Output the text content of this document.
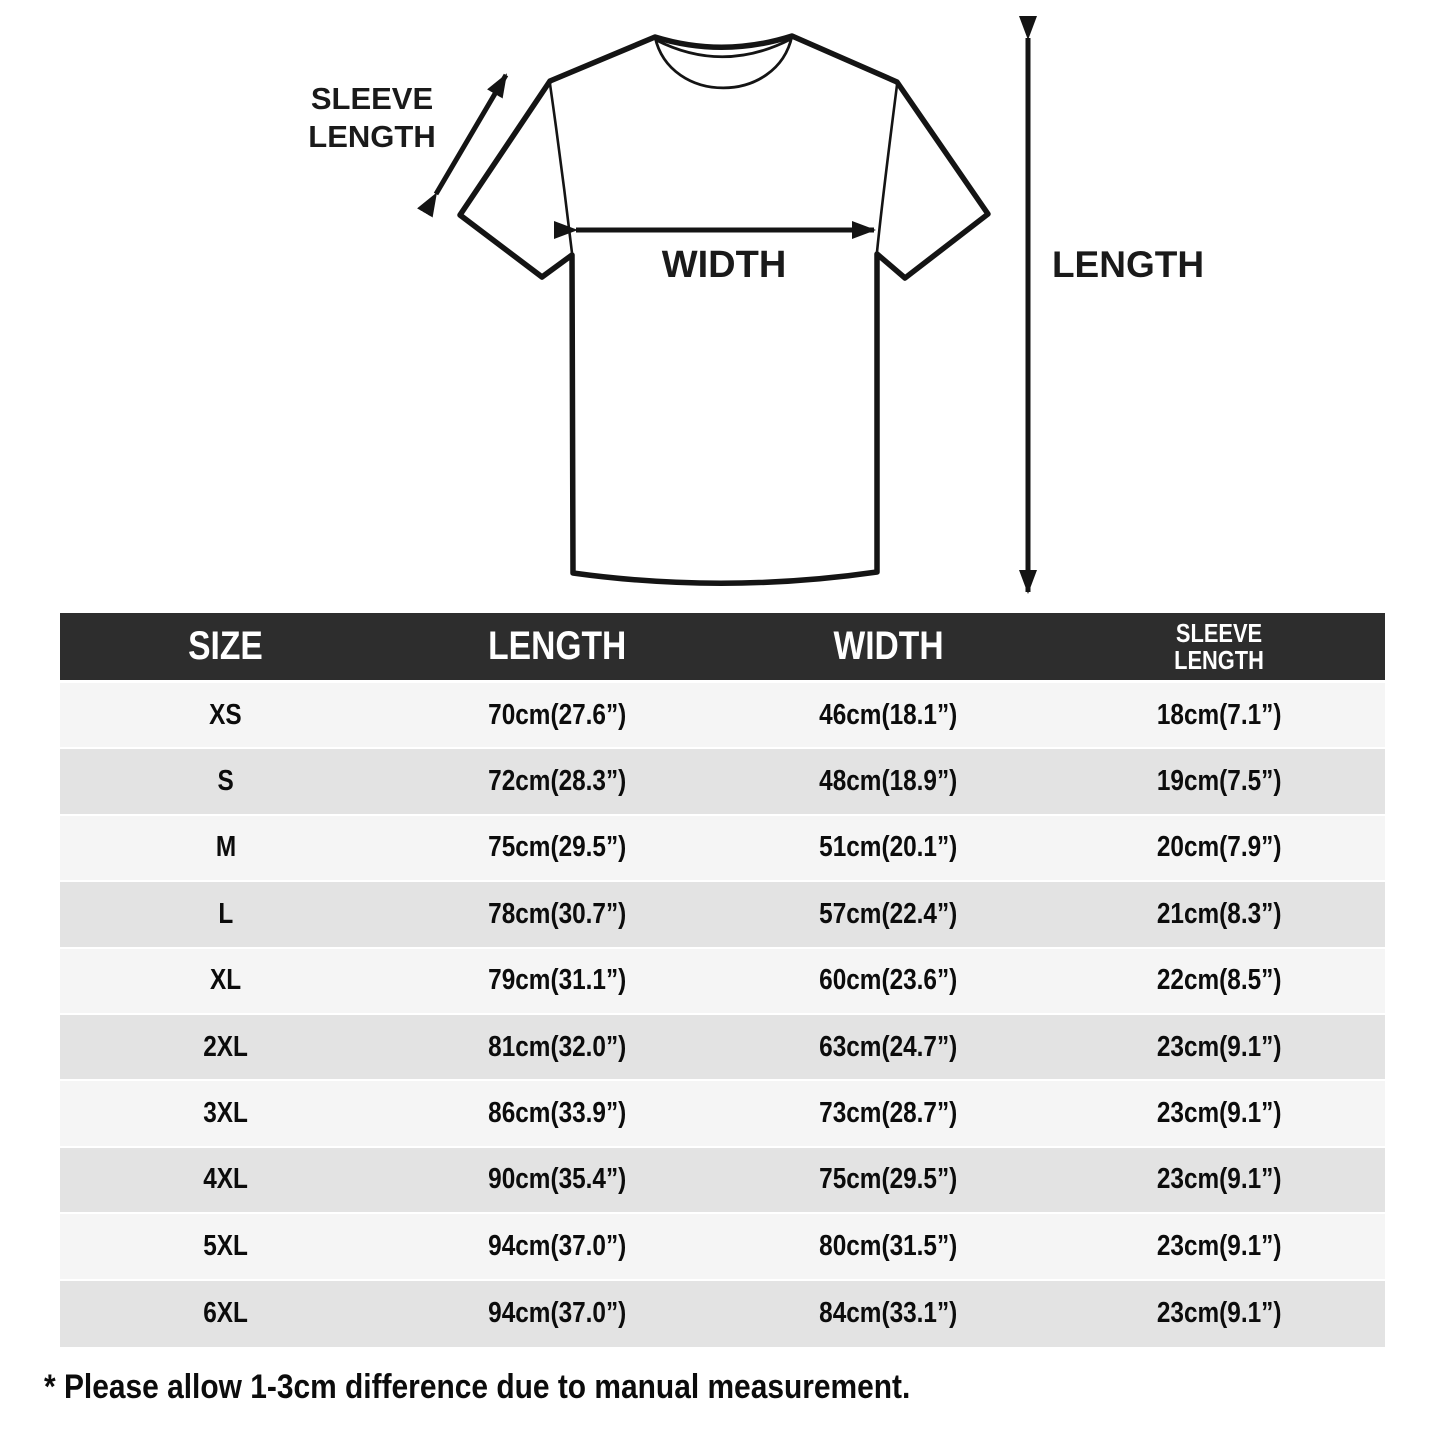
SLEEVE LENGTH
WIDTH	LENGTH
SIZE	LENGTH	WIDTH	SLEEVE LENGTH
XS	70cm(27.6”)	46cm(18.1”)	18cm(7.1”)
S	72cm(28.3”)	48cm(18.9”)	19cm(7.5”)
M	75cm(29.5”)	51cm(20.1”)	20cm(7.9”)
L	78cm(30.7”)	57cm(22.4”)	21cm(8.3”)
XL	79cm(31.1”)	60cm(23.6”)	22cm(8.5”)
2XL	81cm(32.0”)	63cm(24.7”)	23cm(9.1”)
3XL	86cm(33.9”)	73cm(28.7”)	23cm(9.1”)
4XL	90cm(35.4”)	75cm(29.5”)	23cm(9.1”)
5XL	94cm(37.0”)	80cm(31.5”)	23cm(9.1”)
6XL	94cm(37.0”)	84cm(33.1”)	23cm(9.1”)
* Please allow 1-3cm difference due to manual measurement.
